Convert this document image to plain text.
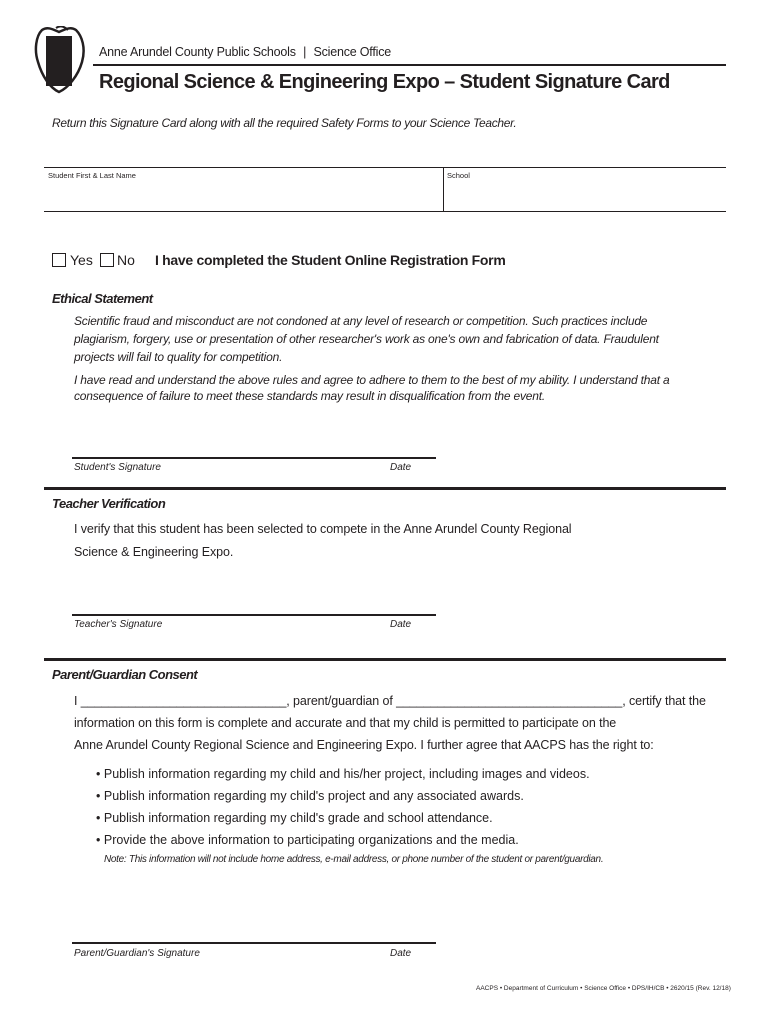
Anne Arundel County Public Schools | Science Office
Regional Science & Engineering Expo – Student Signature Card
Return this Signature Card along with all the required Safety Forms to your Science Teacher.
Student First & Last Name	School
Yes No I have completed the Student Online Registration Form
Ethical Statement
Scientific fraud and misconduct are not condoned at any level of research or competition. Such practices include
plagiarism, forgery, use or presentation of other researcher's work as one's own and fabrication of data. Fraudulent
projects will fail to quality for competition.
I have read and understand the above rules and agree to adhere to them to the best of my ability. I understand that a
consequence of failure to meet these standards may result in disqualification from the event.
Student's Signature	Date
Teacher Verification
I verify that this student has been selected to compete in the Anne Arundel County Regional
Science & Engineering Expo.
Teacher's Signature	Date
Parent/Guardian Consent
I ______________________________, parent/guardian of _________________________________, certify that the
information on this form is complete and accurate and that my child is permitted to participate on the
Anne Arundel County Regional Science and Engineering Expo. I further agree that AACPS has the right to:
• Publish information regarding my child and his/her project, including images and videos.
• Publish information regarding my child's project and any associated awards.
• Publish information regarding my child's grade and school attendance.
• Provide the above information to participating organizations and the media.
Note: This information will not include home address, e-mail address, or phone number of the student or parent/guardian.
Parent/Guardian's Signature	Date
AACPS • Department of Curriculum • Science Office • DPS/IH/CB • 2620/15 (Rev. 12/18)
